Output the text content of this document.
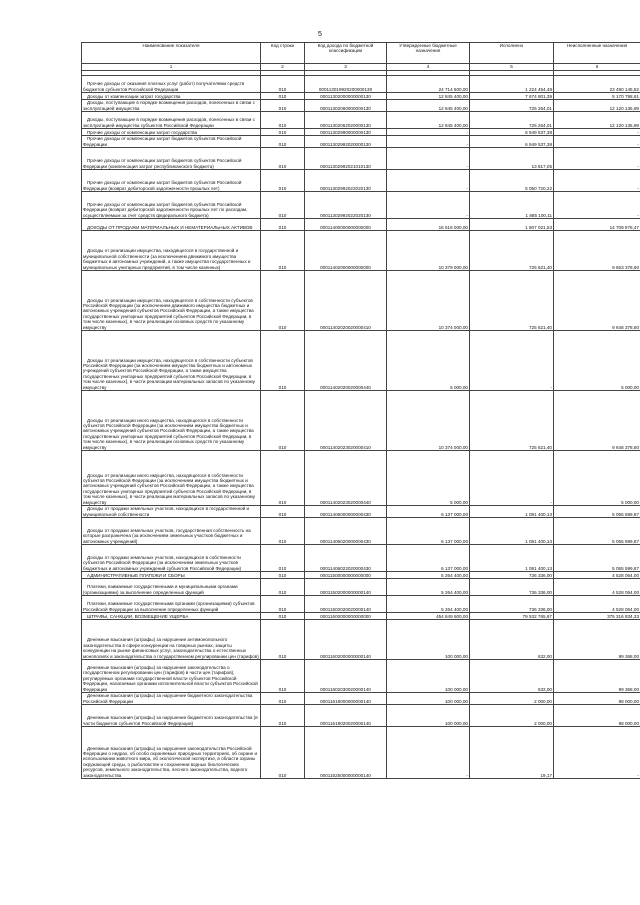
5
Наименование показателя	Код строки	Код дохода по бюджетной классификации	Утвержденные бюджетные назначения	Исполнено	Неисполненные назначения
1	2	3	4	5	6

Прочие доходы от оказания платных услуг (работ) получателями средств бюджетов субъектов Российской Федерации	010	000113019920200000130	24 714 600,00	1 224 454,48	23 490 145,52
Доходы от компенсации затрат государства	010	00011302000000000130	12 845 400,00	7 674 801,39	5 170 798,61
Доходы, поступающие в порядке возмещения расходов, понесенных в связи с эксплуатацией имущества	010	00011302060000000130	12 845 400,00	725 264,01	12 120 135,99
Доходы, поступающие в порядке возмещения расходов, понесенных в связи с эксплуатацией имущества субъектов Российской Федерации	010	00011302062020000130	12 845 400,00	725 264,01	12 120 135,99
Прочие доходы от компенсации затрат государства	010	00011302990000000130	-	6 949 537,38	-
Прочие доходы от компенсации затрат бюджетов субъектов Российской Федерации	010	00011302992020000130	-	6 949 537,38	-
Прочие доходы от компенсации затрат бюджетов субъектов Российской Федерации (компенсация затрат республиканского бюджета)	010	00011302992021010130	-	13 817,05	-
Прочие доходы от компенсации затрат бюджетов субъектов Российской Федерации (возврат дебиторской задолженности прошлых лет)	010	00011302992022020130	-	5 050 720,22	-
Прочие доходы от компенсации затрат бюджетов субъектов Российской Федерации (возврат дебиторской задолженности прошлых лет по расходам, осуществляемым за счет средств федерального бюджета)	010	00011302992022020130	-	1 885 100,11	-
ДОХОДЫ ОТ ПРОДАЖИ МАТЕРИАЛЬНЫХ И НЕМАТЕРИАЛЬНЫХ АКТИВОВ	010	00011400000000000000	16 516 000,00	1 807 021,53	14 709 978,47
Доходы от реализации имущества, находящегося в государственной и муниципальной собственности (за исключением движимого имущества бюджетных и автономных учреждений, а также имущества государственных и муниципальных унитарных предприятий, в том числе казенных)	010	00011402000000000000	10 379 000,00	725 621,40	9 653 378,60
Доходы от реализации имущества, находящегося в собственности субъектов Российской Федерации (за исключением движимого имущества бюджетных и автономных учреждений субъектов Российской Федерации, а также имущества государственных унитарных предприятий субъектов Российской Федерации, в том числе казенных), в части реализации основных средств по указанному имуществу	010	00011402020020000410	10 374 000,00	725 621,40	9 648 378,60
Доходы от реализации имущества, находящегося в собственности субъектов Российской Федерации (за исключением имущества бюджетных и автономных учреждений субъектов Российской Федерации, а также имущества государственных унитарных предприятий субъектов Российской Федерации, в том числе казенных), в части реализации материальных запасов по указанному имуществу	010	00011402020020000440	5 000,00	-	5 000,00
Доходы от реализации иного имущества, находящегося в собственности субъектов Российской Федерации (за исключением имущества бюджетных и автономных учреждений субъектов Российской Федерации, а также имущества государственных унитарных предприятий субъектов Российской Федерации, в том числе казенных), в части реализации основных средств по указанному имуществу	010	00011402023020000410	10 374 000,00	725 621,40	9 648 378,60
Доходы от реализации иного имущества, находящегося в собственности субъектов Российской Федерации (за исключением имущества бюджетных и автономных учреждений субъектов Российской Федерации, а также имущества государственных унитарных предприятий субъектов Российской Федерации, в том числе казенных), в части реализации материальных запасов по указанному имуществу	010	00011402023020000440	5 000,00	-	5 000,00
Доходы от продажи земельных участков, находящихся в государственной и муниципальной собственности	010	00011406000000000430	6 137 000,00	1 081 400,13	5 055 599,87
Доходы от продажи земельных участков, государственная собственность на которые разграничена (за исключением земельных участков бюджетных и автономных учреждений)	010	00011406020000000430	6 137 000,00	1 081 400,13	5 055 599,87
Доходы от продажи земельных участков, находящихся в собственности субъектов Российской Федерации (за исключением земельных участков бюджетных и автономных учреждений субъектов Российской Федерации)	010	00011406022020000430	6 137 000,00	1 081 400,13	5 055 599,87
АДМИНИСТРАТИВНЫЕ ПЛАТЕЖИ И СБОРЫ	010	00011500000000000000	5 264 400,00	736 336,00	4 528 064,00
Платежи, взимаемые государственными и муниципальными органами (организациями) за выполнение определенных функций	010	00011502000000000140	5 264 400,00	736 336,00	4 528 064,00
Платежи, взимаемые государственными органами (организациями) субъектов Российской Федерации за выполнение определенных функций	010	00011502020020000140	5 264 400,00	736 336,00	4 528 064,00
ШТРАФЫ, САНКЦИИ, ВОЗМЕЩЕНИЕ УЩЕРБА	010	00011600000000000000	454 849 600,00	79 532 765,67	375 316 834,33
Денежные взыскания (штрафы) за нарушение антимонопольного законодательства в сфере конкуренции на товарных рынках, защиты конкуренции на рынке финансовых услуг, законодательства о естественных монополиях и законодательства о государственном регулировании цен (тарифов)	010	00011602000000000140	100 000,00	632,00	99 368,00
Денежные взыскания (штрафы) за нарушение законодательства о государственном регулировании цен (тарифов) в части цен (тарифов), регулируемых органами государственной власти субъектов Российской Федерации, налагаемые органами исполнительной власти субъектов Российской Федерации	010	00011602030020000140	100 000,00	632,00	99 368,00
Денежные взыскания (штрафы) за нарушение бюджетного законодательства Российской Федерации	010	00011618000000000140	100 000,00	2 000,00	98 000,00
Денежные взыскания (штрафы) за нарушение бюджетного законодательства (в части бюджетов субъектов Российской Федерации)	010	00011618020020000140	100 000,00	2 000,00	98 000,00
Денежные взыскания (штрафы) за нарушение законодательства Российской Федерации о недрах, об особо охраняемых природных территориях, об охране и использовании животного мира, об экологической экспертизе, в области охраны окружающей среды, о рыболовстве и сохранении водных биологических ресурсов, земельного законодательства, лесного законодательства, водного законодательства	010	00011625000000000140	-	19,17	-
